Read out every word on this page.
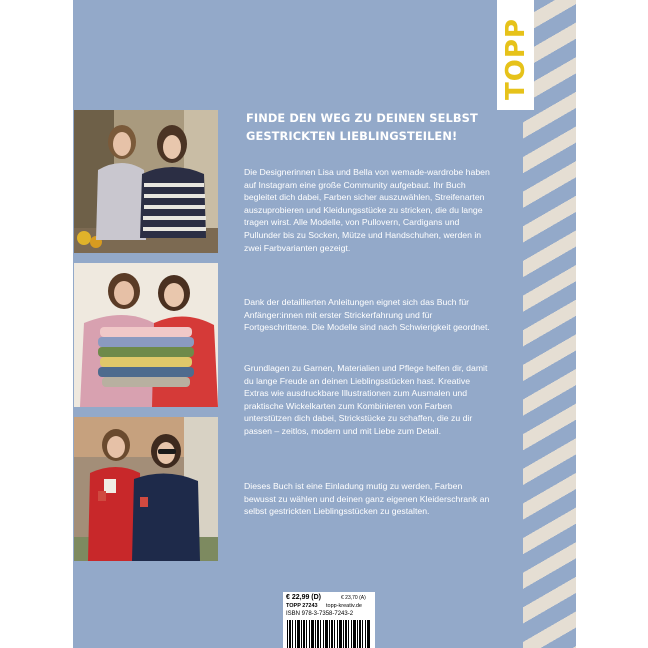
TOPP
FINDE DEN WEG ZU DEINEN SELBST GESTRICKTEN LIEBLINGSTEILEN!

Die Designerinnen Lisa und Bella von wemade-wardrobe haben auf Instagram eine große Community aufgebaut. Ihr Buch begleitet dich dabei, Farben sicher auszuwählen, Streifenarten auszuprobieren und Kleidungsstücke zu stricken, die du lange tragen wirst. Alle Modelle, von Pullovern, Cardigans und Pullunder bis zu Socken, Mütze und Handschuhen, werden in zwei Farbvarianten gezeigt.

Dank der detaillierten Anleitungen eignet sich das Buch für Anfänger:innen mit erster Strickerfahrung und für Fortgeschrittene. Die Modelle sind nach Schwierigkeit geordnet.

Grundlagen zu Garnen, Materialien und Pflege helfen dir, damit du lange Freude an deinen Lieblingsstücken hast. Kreative Extras wie ausdruckbare Illustrationen zum Ausmalen und praktische Wickelkarten zum Kombinieren von Farben unterstützen dich dabei, Strickstücke zu schaffen, die zu dir passen – zeitlos, modern und mit Liebe zum Detail.

Dieses Buch ist eine Einladung mutig zu werden, Farben bewusst zu wählen und deinen ganz eigenen Kleiderschrank an selbst gestrickten Lieblingsstücken zu gestalten.

€ 22,99 (D)	€ 23,70 (A)
TOPP 27243 topp-kreativ.de
ISBN 978-3-7358-7243-2
